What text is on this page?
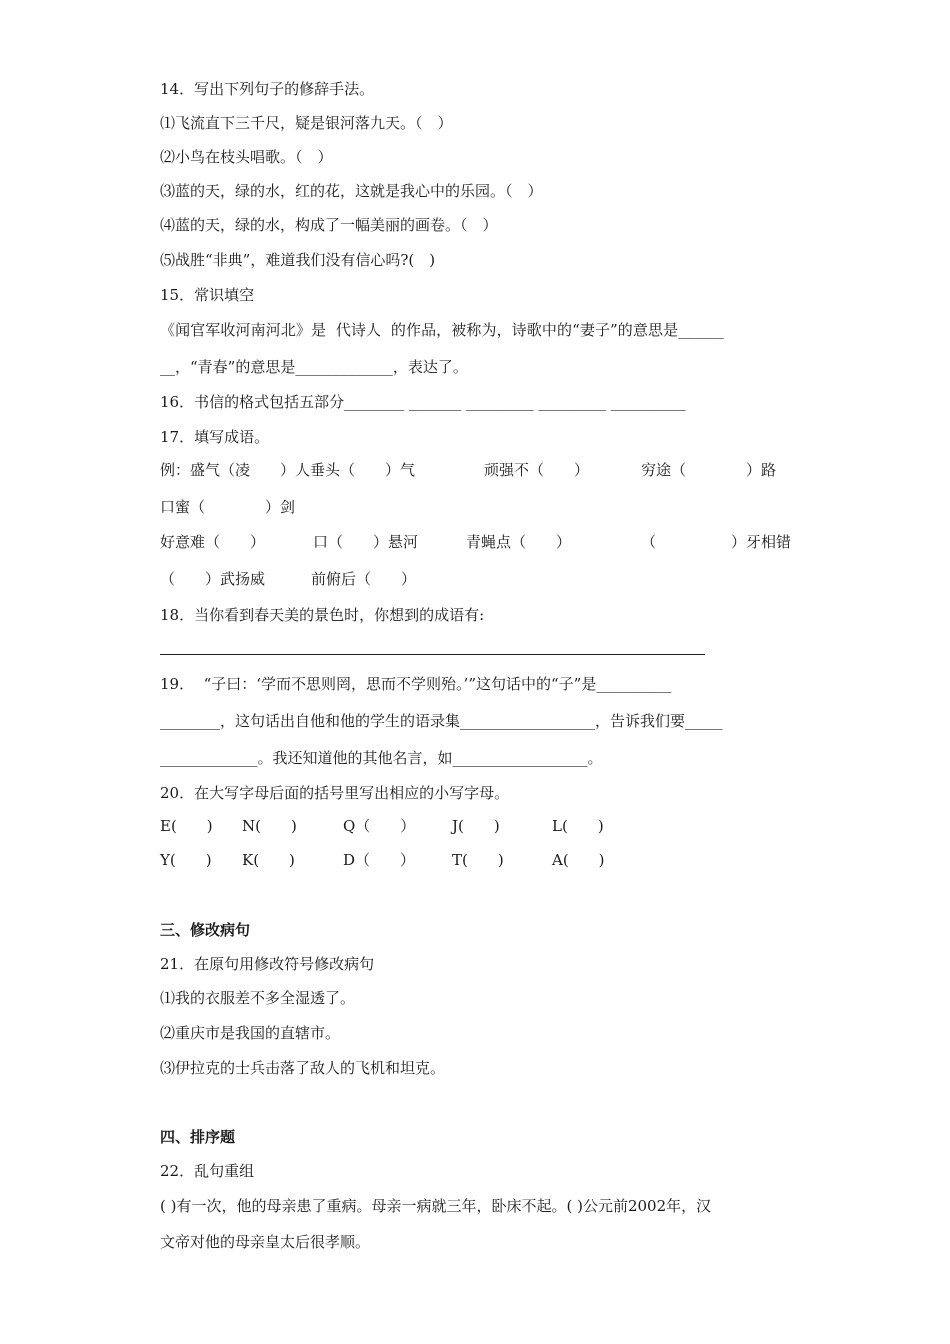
14．写出下列句子的修辞手法。
⑴飞流直下三千尺，疑是银河落九天。（　）
⑵小鸟在枝头唱歌。（　）
⑶蓝的天，绿的水，红的花，这就是我心中的乐园。（　）
⑷蓝的天，绿的水，构成了一幅美丽的画卷。（　）
⑸战胜“非典”，难道我们没有信心吗?(　)
15．常识填空
《闻官军收河南河北》是  代诗人  的作品，被称为，诗歌中的“妻子”的意思是______
__，“青春”的意思是_____________，表达了。
16．书信的格式包括五部分________ _______ _________ _________ __________
17．填写成语。
例：盛气（凌　　）人垂头（　　）气	顽强不（　　）	穷途（　　　　）路
口蜜（　　　　）剑
好意难（　　）	口（　　）悬河	青蝇点（　　）	（　　　　　）牙相错
（　　）武扬威	前俯后（　　）
18．当你看到春天美的景色时，你想到的成语有:
19．  “子曰：‘学而不思则罔，思而不学则殆。’”这句话中的“子”是__________
________，这句话出自他和他的学生的语录集__________________，告诉我们要_____
_____________。我还知道他的其他名言，如__________________。
20．在大写字母后面的括号里写出相应的小写字母。
E(　　) N(　　)	Q（　　） J(　　)	L(　　)
Y(　　) K(　　)	D（　　） T(　　)	A(　　)
三、修改病句
21．在原句用修改符号修改病句
⑴我的衣服差不多全湿透了。
⑵重庆市是我国的直辖市。
⑶伊拉克的士兵击落了敌人的飞机和坦克。
四、排序题
22．乱句重组
( )有一次，他的母亲患了重病。母亲一病就三年，卧床不起。( )公元前2002年，汉
文帝对他的母亲皇太后很孝顺。
